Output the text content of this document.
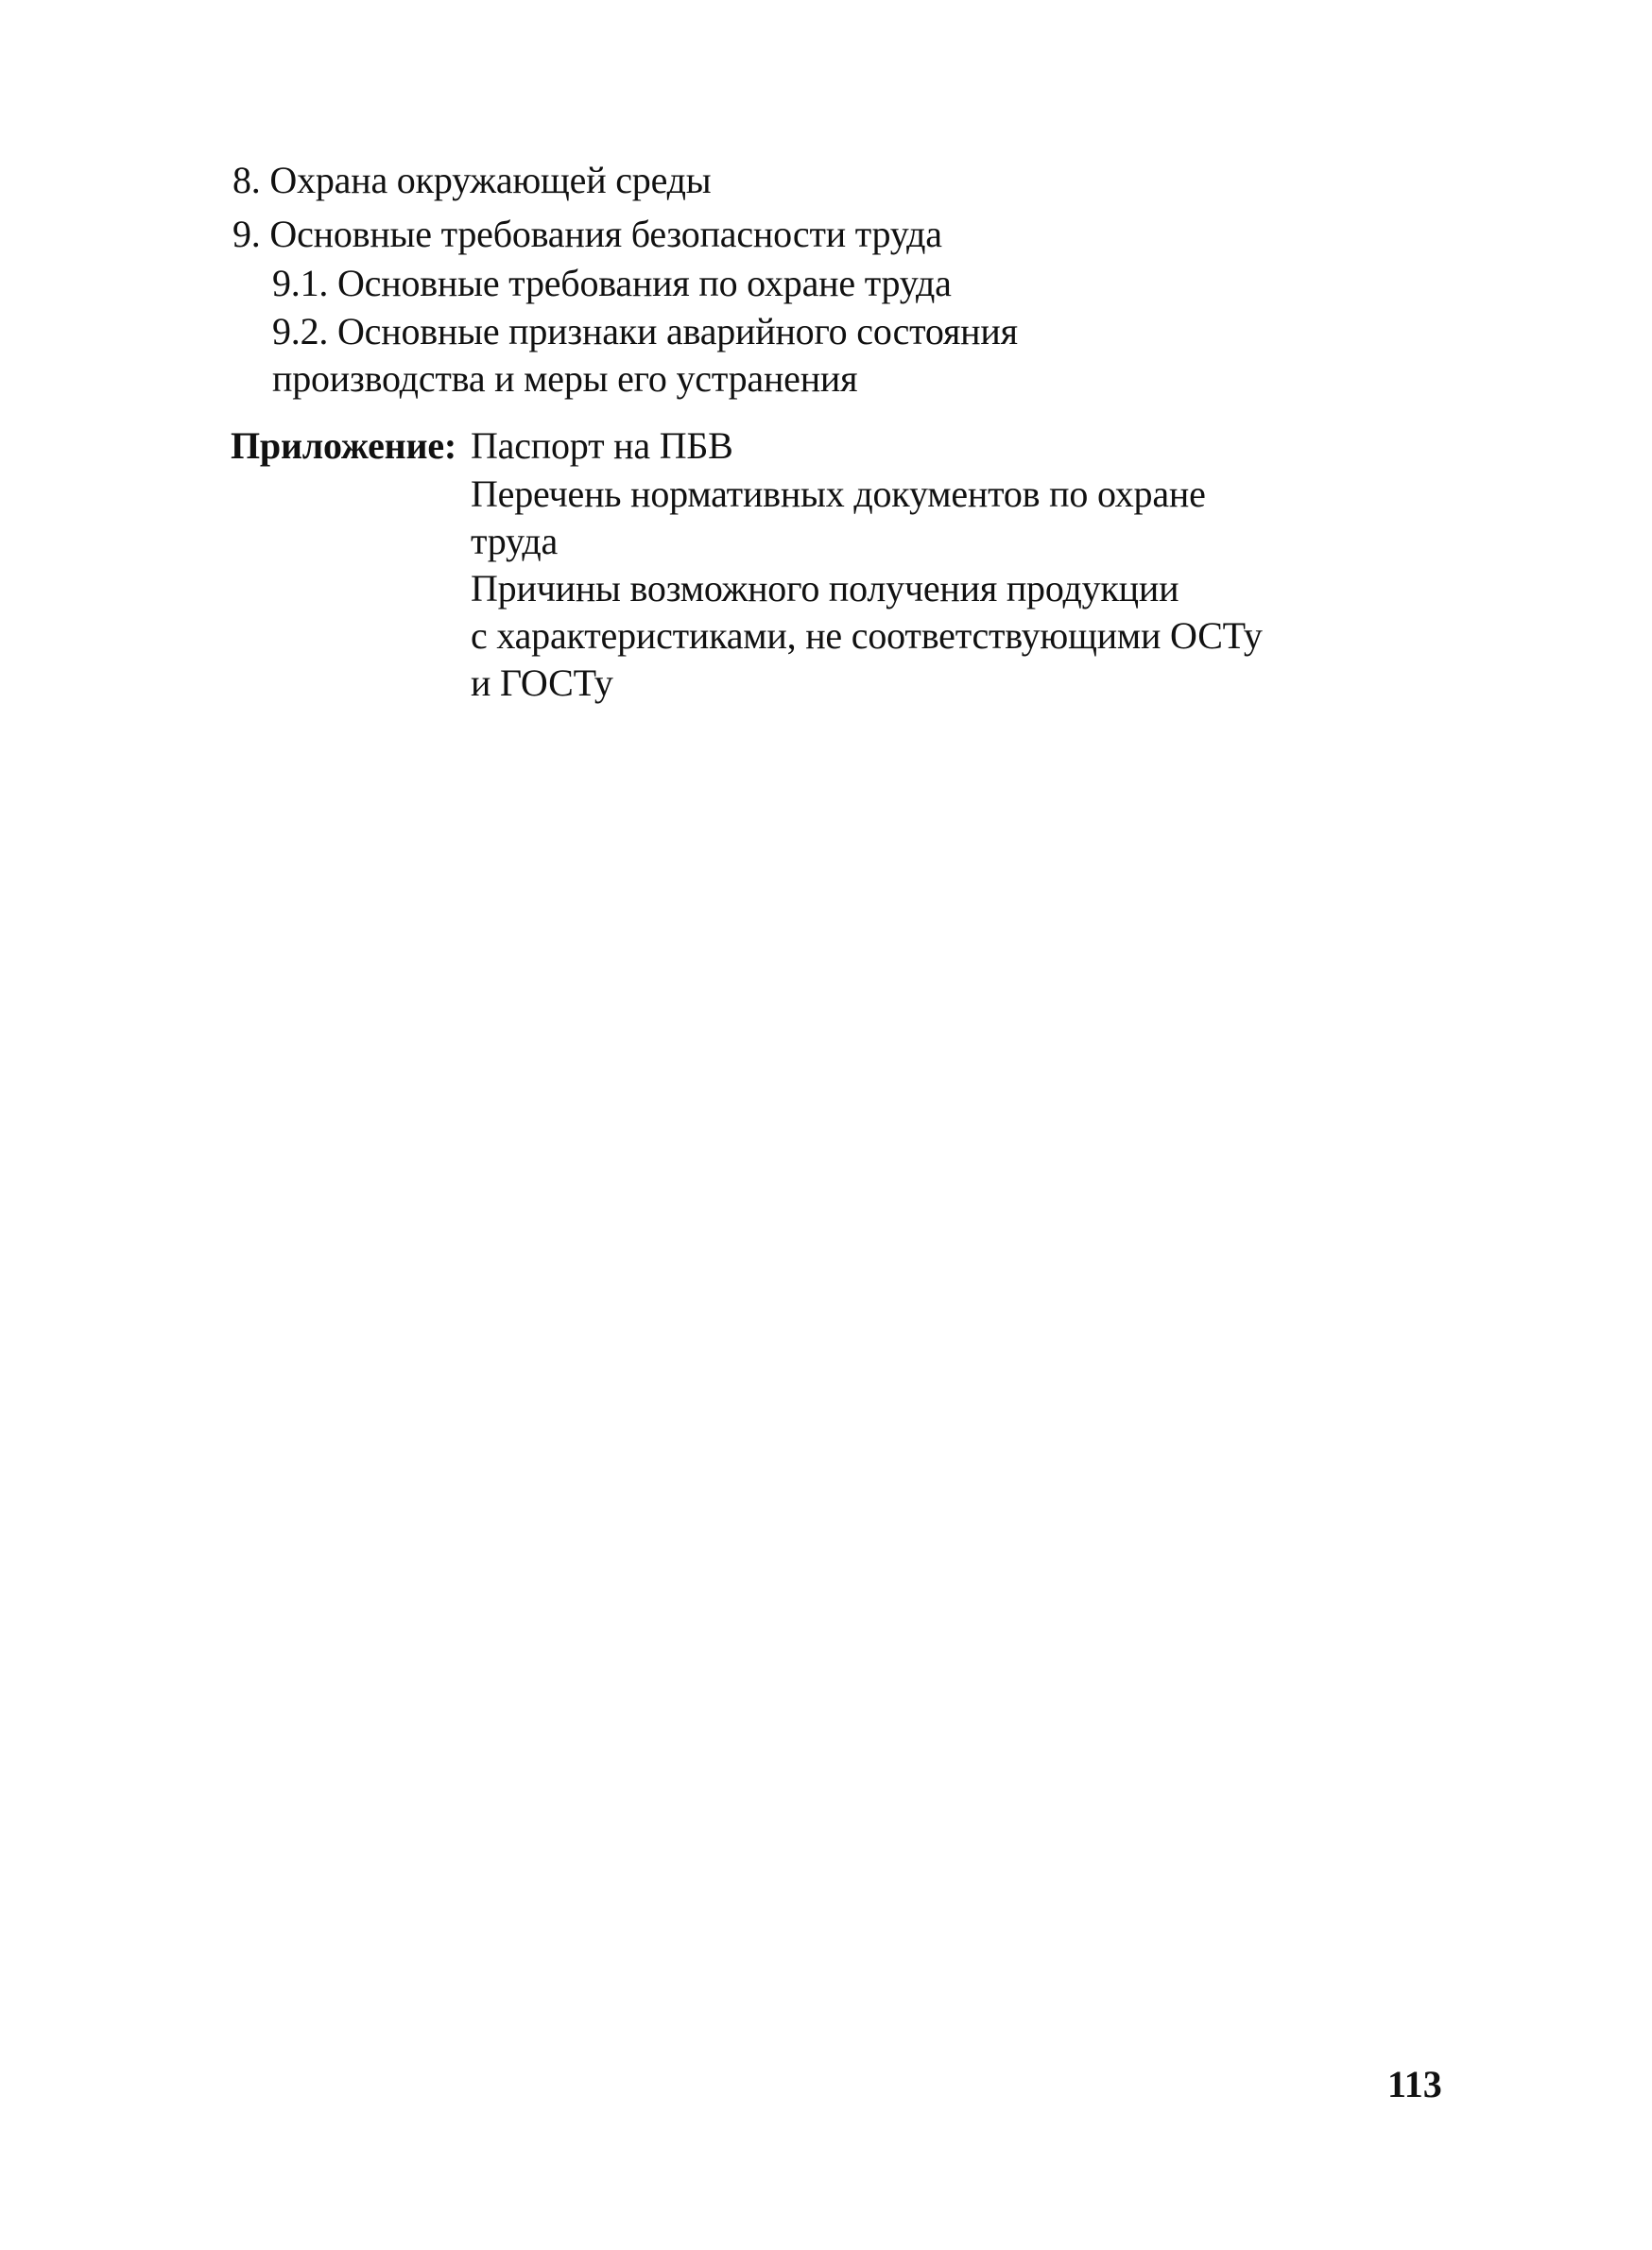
8. Охрана окружающей среды
9. Основные требования безопасности труда
9.1. Основные требования по охране труда
9.2. Основные признаки аварийного состояния
производства и меры его устранения
Приложение: Паспорт на ПБВ
Перечень нормативных документов по охране
труда
Причины возможного получения продукции
с характеристиками, не соответствующими ОСТу
и ГОСТу
113
